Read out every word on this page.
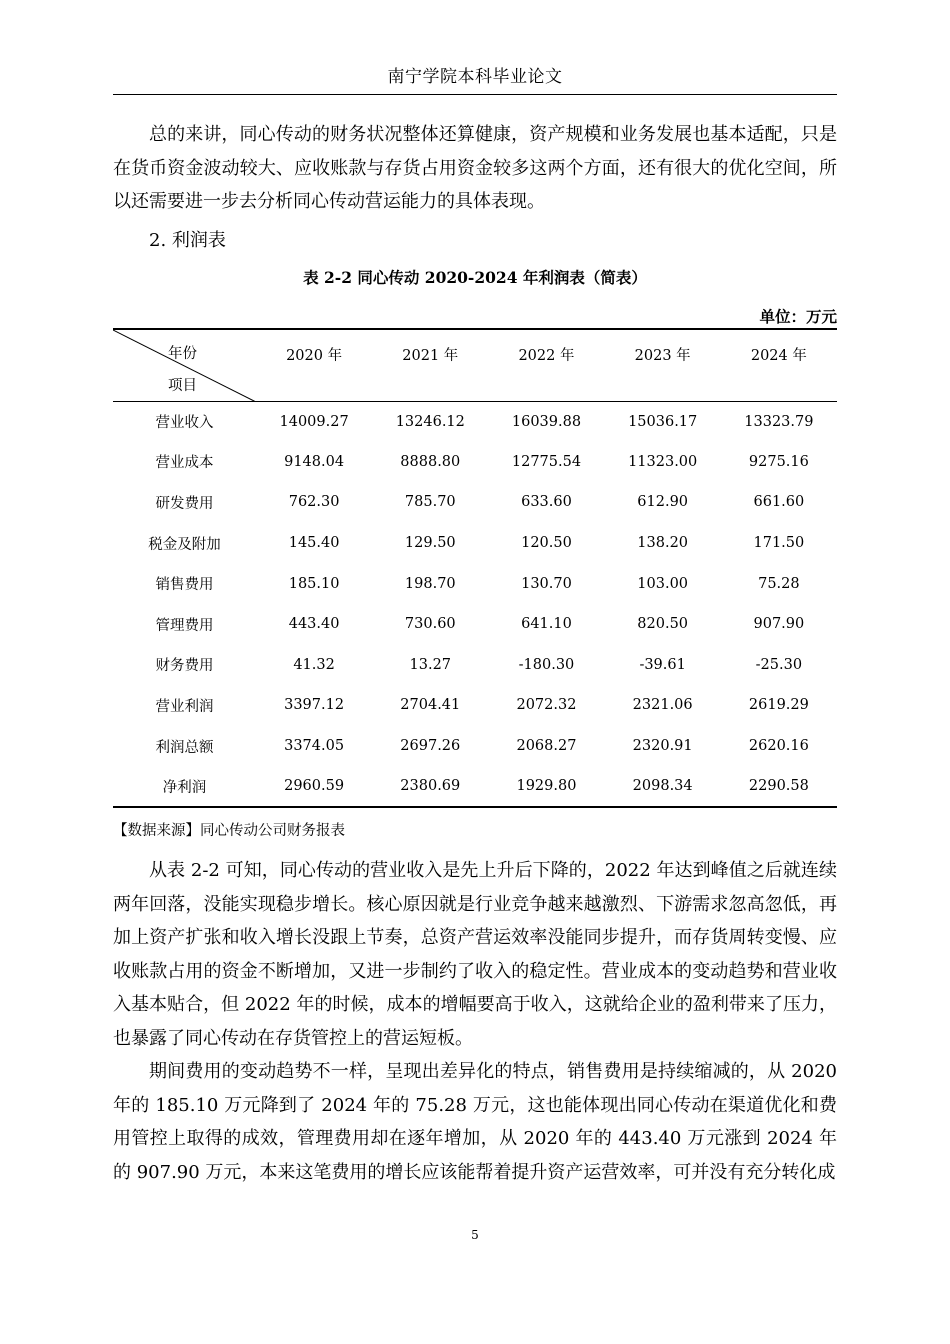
南宁学院本科毕业论文

总的来讲，同心传动的财务状况整体还算健康，资产规模和业务发展也基本适配，只是在货币资金波动较大、应收账款与存货占用资金较多这两个方面，还有很大的优化空间，所以还需要进一步去分析同心传动营运能力的具体表现。

2. 利润表
表 2-2 同心传动 2020-2024 年利润表（简表）
单位：万元
年份
项目	2020 年	2021 年	2022 年	2023 年	2024 年
营业收入	14009.27	13246.12	16039.88	15036.17	13323.79
营业成本	9148.04	8888.80	12775.54	11323.00	9275.16
研发费用	762.30	785.70	633.60	612.90	661.60
税金及附加	145.40	129.50	120.50	138.20	171.50
销售费用	185.10	198.70	130.70	103.00	75.28
管理费用	443.40	730.60	641.10	820.50	907.90
财务费用	41.32	13.27	-180.30	-39.61	-25.30
营业利润	3397.12	2704.41	2072.32	2321.06	2619.29
利润总额	3374.05	2697.26	2068.27	2320.91	2620.16
净利润	2960.59	2380.69	1929.80	2098.34	2290.58
【数据来源】同心传动公司财务报表

从表 2-2 可知，同心传动的营业收入是先上升后下降的，2022 年达到峰值之后就连续两年回落，没能实现稳步增长。核心原因就是行业竞争越来越激烈、下游需求忽高忽低，再加上资产扩张和收入增长没跟上节奏，总资产营运效率没能同步提升，而存货周转变慢、应收账款占用的资金不断增加，又进一步制约了收入的稳定性。营业成本的变动趋势和营业收入基本贴合，但 2022 年的时候，成本的增幅要高于收入，这就给企业的盈利带来了压力，也暴露了同心传动在存货管控上的营运短板。

期间费用的变动趋势不一样，呈现出差异化的特点，销售费用是持续缩减的，从 2020 年的 185.10 万元降到了 2024 年的 75.28 万元，这也能体现出同心传动在渠道优化和费用管控上取得的成效，管理费用却在逐年增加，从 2020 年的 443.40 万元涨到 2024 年的 907.90 万元，本来这笔费用的增长应该能帮着提升资产运营效率，可并没有充分转化成

5
